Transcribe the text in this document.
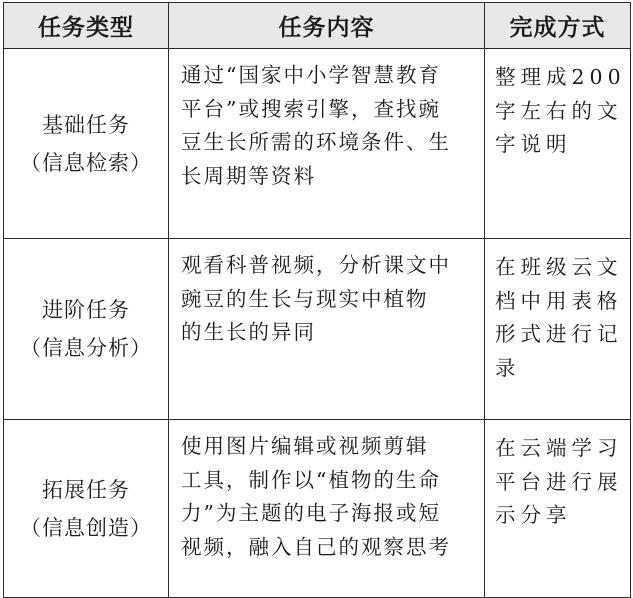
任务类型	任务内容	完成方式

基础任务
（信息检索）	通过“国家中小学智慧教育
平台”或搜索引擎，查找豌
豆生长所需的环境条件、生
长周期等资料	整理成200
字左右的文
字说明

进阶任务
（信息分析）	观看科普视频，分析课文中
豌豆的生长与现实中植物
的生长的异同	在班级云文
档中用表格
形式进行记
录

拓展任务
（信息创造）	使用图片编辑或视频剪辑
工具，制作以“植物的生命
力”为主题的电子海报或短
视频，融入自己的观察思考	在云端学习
平台进行展
示分享
